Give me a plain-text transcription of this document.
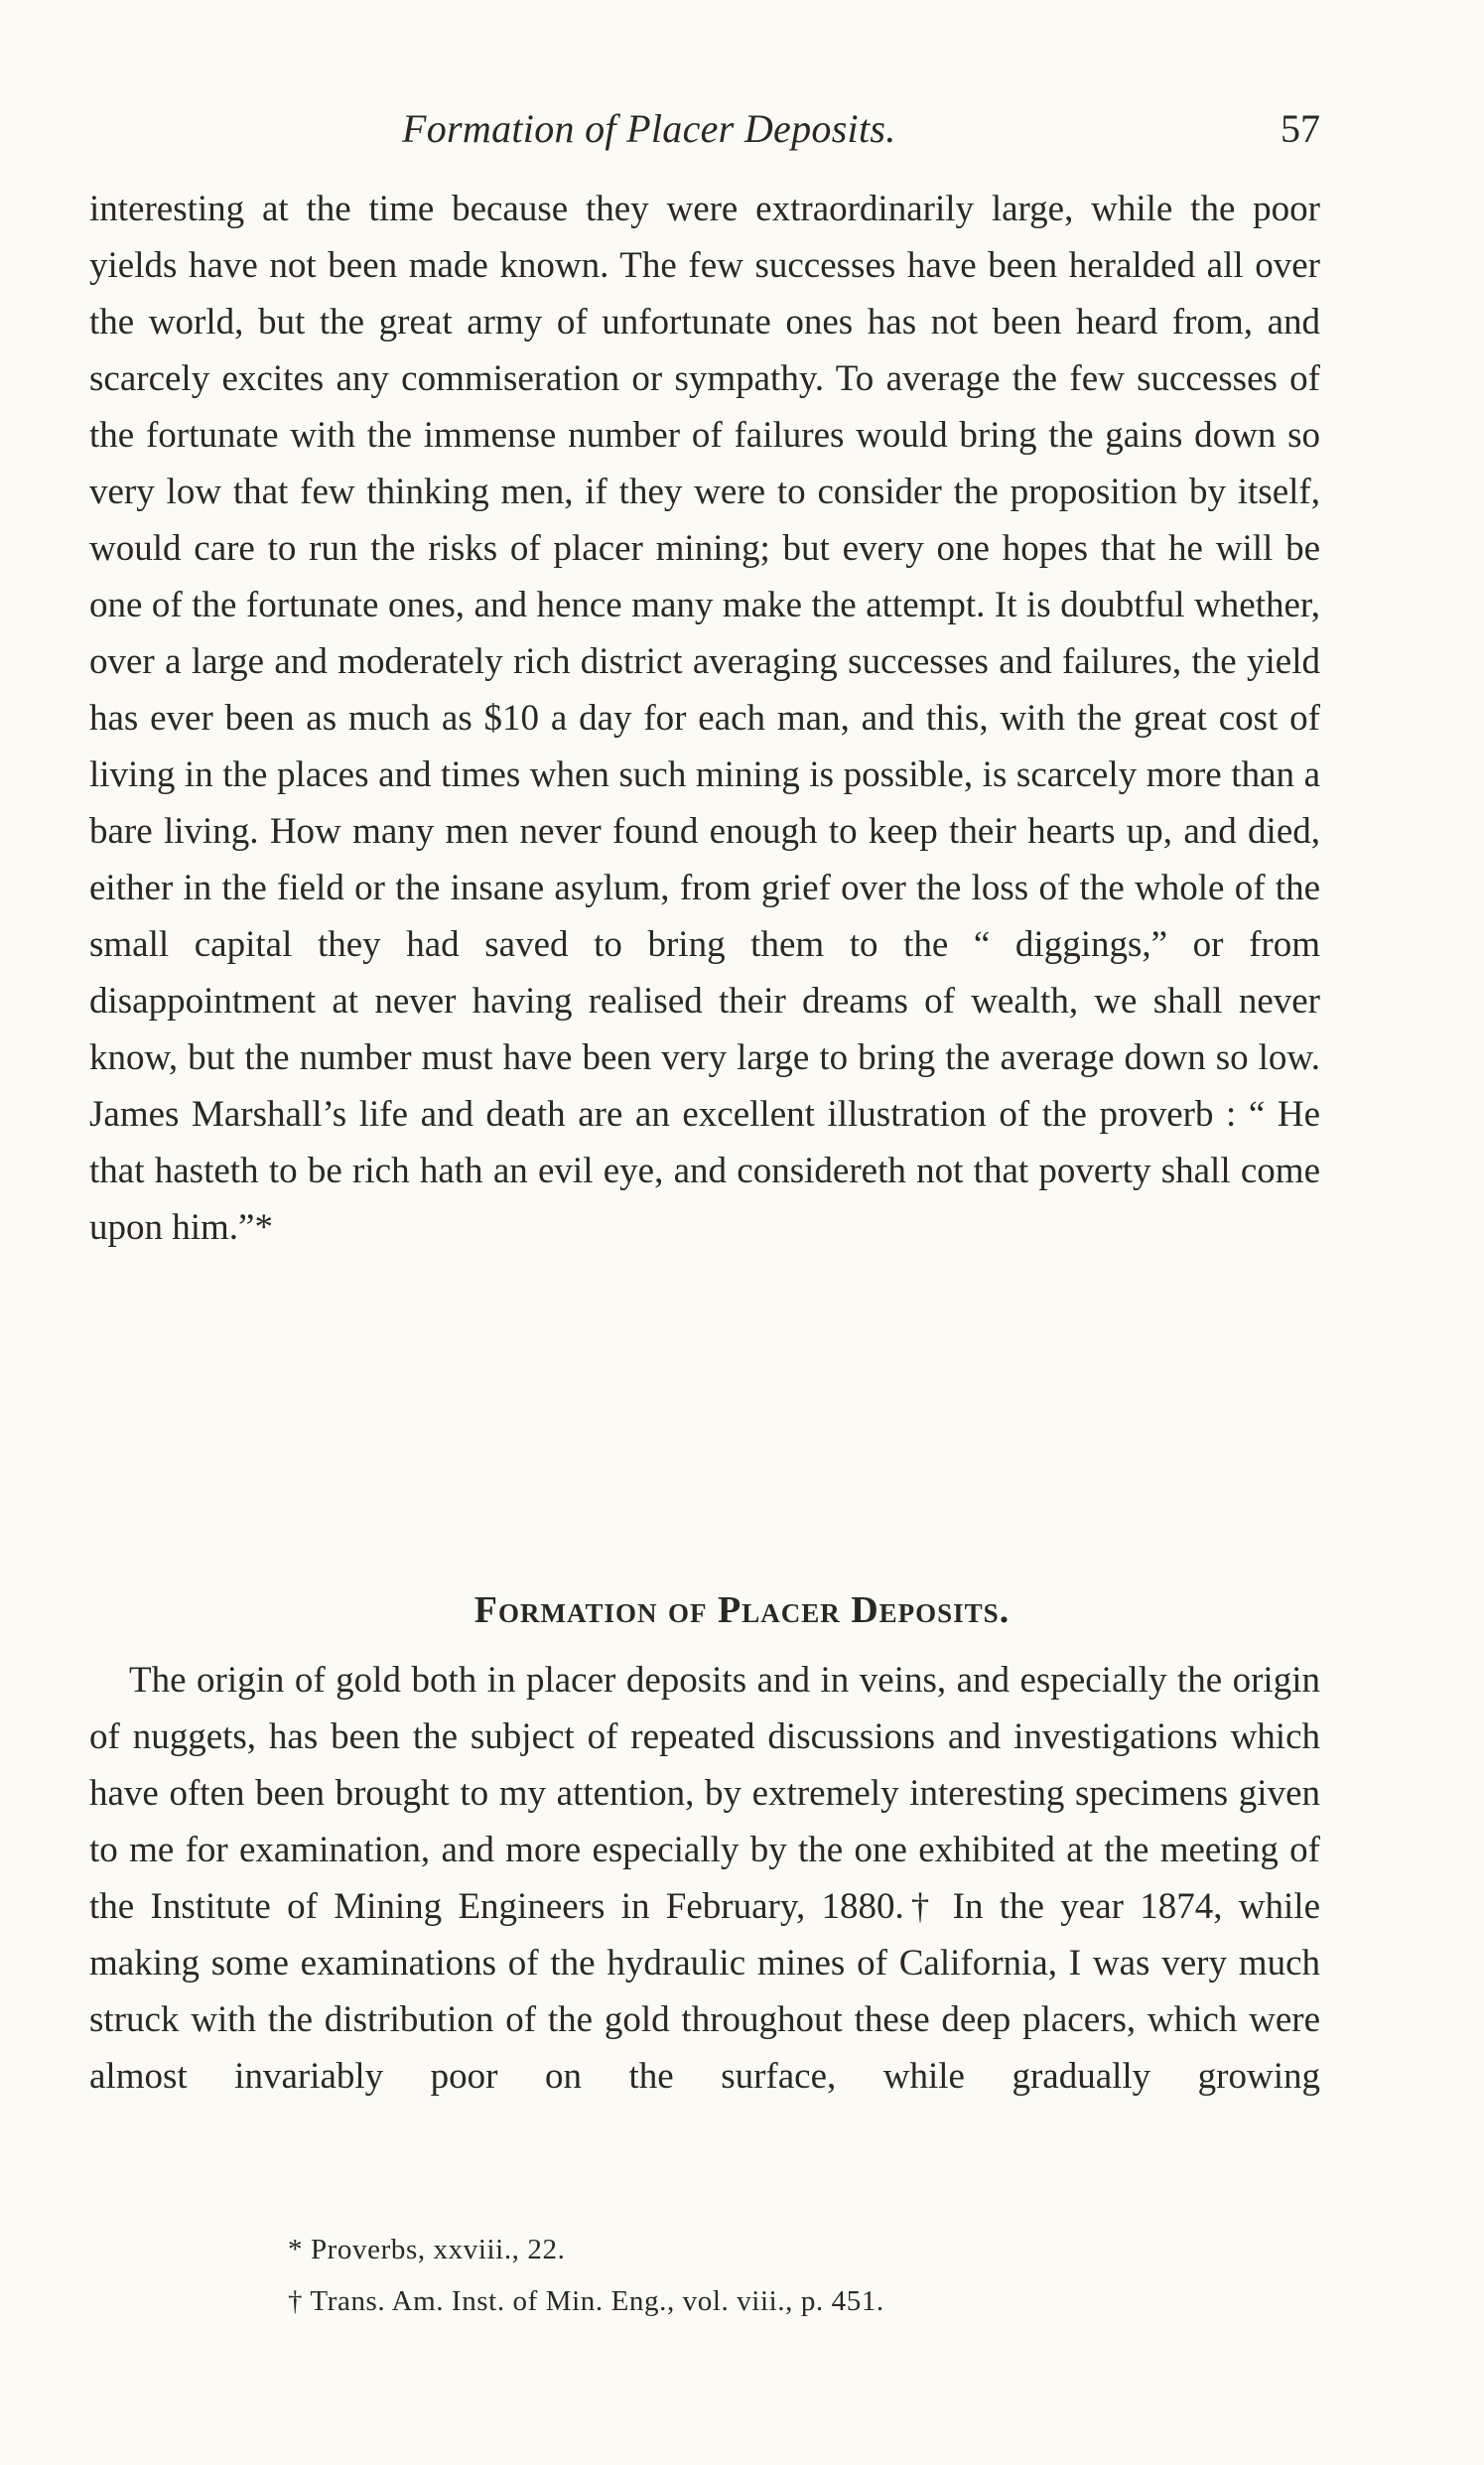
Formation of Placer Deposits.	57

interesting at the time because they were extraordinarily large, while the poor yields have not been made known. The few successes have been heralded all over the world, but the great army of unfortunate ones has not been heard from, and scarcely excites any commiseration or sympathy. To average the few successes of the fortunate with the immense number of failures would bring the gains down so very low that few thinking men, if they were to consider the proposition by itself, would care to run the risks of placer mining; but every one hopes that he will be one of the fortunate ones, and hence many make the attempt. It is doubtful whether, over a large and moderately rich district averaging successes and failures, the yield has ever been as much as $10 a day for each man, and this, with the great cost of living in the places and times when such mining is possible, is scarcely more than a bare living. How many men never found enough to keep their hearts up, and died, either in the field or the insane asylum, from grief over the loss of the whole of the small capital they had saved to bring them to the “ diggings,” or from disappointment at never having realised their dreams of wealth, we shall never know, but the number must have been very large to bring the average down so low. James Marshall’s life and death are an excellent illustration of the proverb : “ He that hasteth to be rich hath an evil eye, and considereth not that poverty shall come upon him.”*

Formation of Placer Deposits.

The origin of gold both in placer deposits and in veins, and especially the origin of nuggets, has been the subject of repeated discussions and investigations which have often been brought to my attention, by extremely interesting specimens given to me for examination, and more especially by the one exhibited at the meeting of the Institute of Mining Engineers in February, 1880.† In the year 1874, while making some examinations of the hydraulic mines of California, I was very much struck with the distribution of the gold throughout these deep placers, which were almost invariably poor on the surface, while gradually growing

* Proverbs, xxviii., 22.
† Trans. Am. Inst. of Min. Eng., vol. viii., p. 451.
